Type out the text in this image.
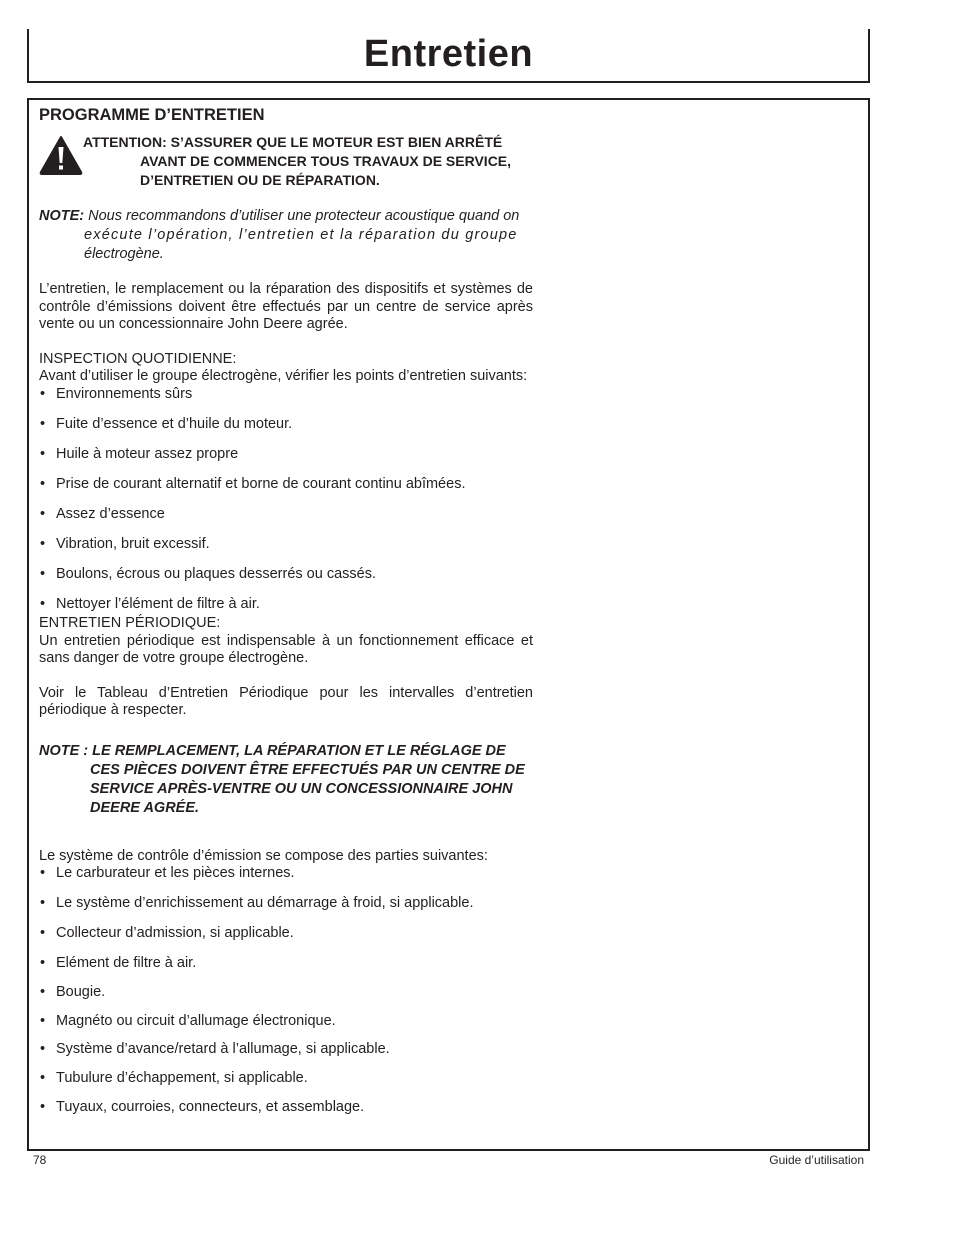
Entretien
PROGRAMME D’ENTRETIEN
ATTENTION: S’ASSURER QUE LE MOTEUR EST BIEN ARRÊTÉ
AVANT DE COMMENCER TOUS TRAVAUX DE SERVICE,
D’ENTRETIEN OU DE RÉPARATION.
NOTE: Nous recommandons d’utiliser une protecteur acoustique quand on
exécute l’opération, l’entretien et la réparation du groupe
électrogène.
L’entretien, le remplacement ou la réparation des dispositifs et systèmes de contrôle d’émissions doivent être effectués par un centre de service après vente ou un concessionnaire John Deere agrée.
INSPECTION QUOTIDIENNE:
Avant d’utiliser le groupe électrogène, vérifier les points d’entretien suivants:
• Environnements sûrs
• Fuite d’essence et d’huile du moteur.
• Huile à moteur assez propre
• Prise de courant alternatif et borne de courant continu abîmées.
• Assez d’essence
• Vibration, bruit excessif.
• Boulons, écrous ou plaques desserrés ou cassés.
• Nettoyer l’élément de filtre à air.
ENTRETIEN PÉRIODIQUE:
Un entretien périodique est indispensable à un fonctionnement efficace et sans danger de votre groupe électrogène.
Voir le Tableau d’Entretien Périodique pour les intervalles d’entretien périodique à respecter.
NOTE : LE REMPLACEMENT, LA RÉPARATION ET LE RÉGLAGE DE
CES PIÈCES DOIVENT ÊTRE EFFECTUÉS PAR UN CENTRE DE
SERVICE APRÈS-VENTRE OU UN CONCESSIONNAIRE JOHN
DEERE AGRÉE.
Le système de contrôle d’émission se compose des parties suivantes:
• Le carburateur et les pièces internes.
• Le système d’enrichissement au démarrage à froid, si applicable.
• Collecteur d’admission, si applicable.
• Elément de filtre à air.
• Bougie.
• Magnéto ou circuit d’allumage électronique.
• Système d’avance/retard à l’allumage, si applicable.
• Tubulure d’échappement, si applicable.
• Tuyaux, courroies, connecteurs, et assemblage.
78	Guide d’utilisation
